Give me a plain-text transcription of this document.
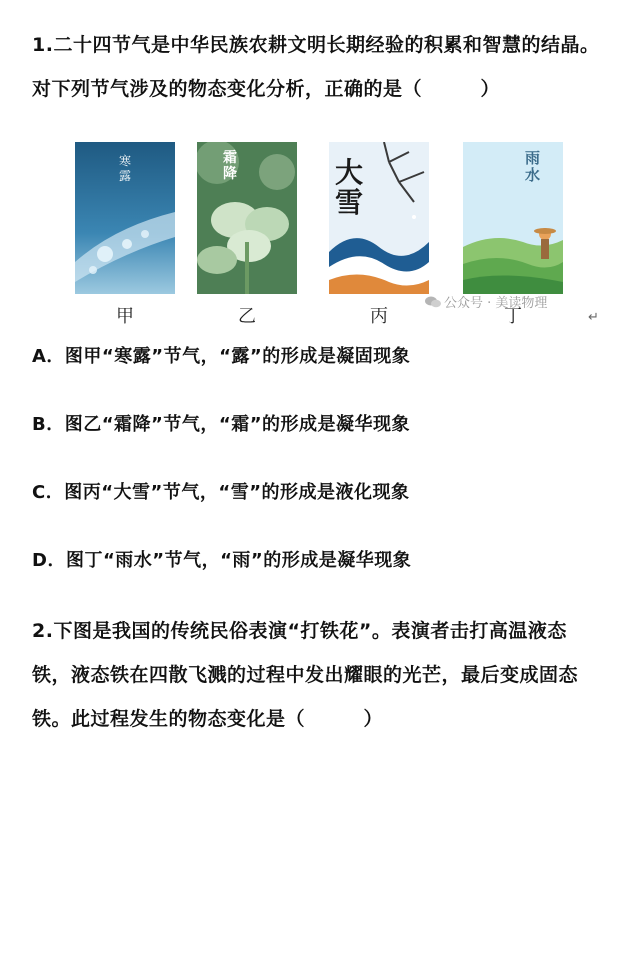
1.二十四节气是中华民族农耕文明长期经验的积累和智慧的结晶。
对下列节气涉及的物态变化分析，正确的是（　　　）
寒露
霜降	大雪
雨水
甲	乙	丙	丁
公众号 · 美读物理
↵
A．图甲“寒露”节气，“露”的形成是凝固现象
B．图乙“霜降”节气，“霜”的形成是凝华现象
C．图丙“大雪”节气，“雪”的形成是液化现象
D．图丁“雨水”节气，“雨”的形成是凝华现象
2.下图是我国的传统民俗表演“打铁花”。表演者击打高温液态
铁，液态铁在四散飞溅的过程中发出耀眼的光芒，最后变成固态
铁。此过程发生的物态变化是（　　　）
